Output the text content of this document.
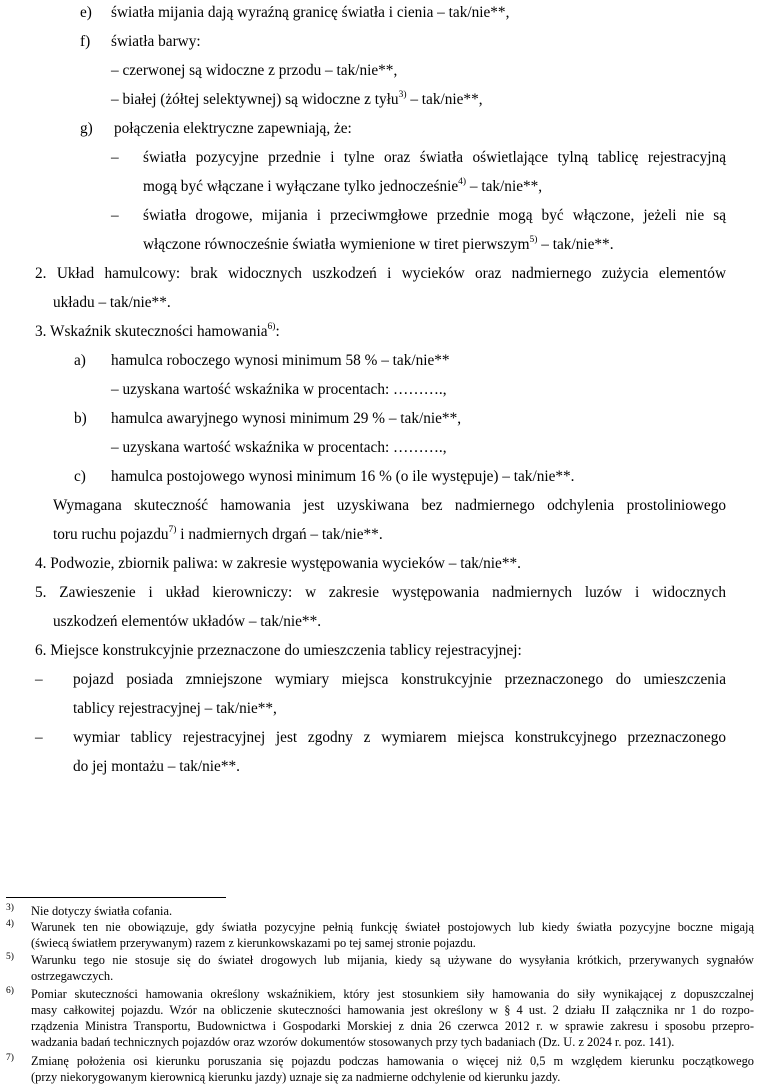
e) światła mijania dają wyraźną granicę światła i cienia – tak/nie**,
f) światła barwy:
– czerwonej są widoczne z przodu – tak/nie**,
– białej (żółtej selektywnej) są widoczne z tyłu$^{3)}$ – tak/nie**,
g) połączenia elektryczne zapewniają, że:
– światła pozycyjne przednie i tylne oraz światła oświetlające tylną tablicę rejestracyjną
mogą być włączane i wyłączane tylko jednocześnie$^{4)}$ – tak/nie**,
– światła drogowe, mijania i przeciwmgłowe przednie mogą być włączone, jeżeli nie są
włączone równocześnie światła wymienione w tiret pierwszym$^{5)}$ – tak/nie**.
2. Układ hamulcowy: brak widocznych uszkodzeń i wycieków oraz nadmiernego zużycia elementów
układu – tak/nie**.
3. Wskaźnik skuteczności hamowania$^{6)}$:
a) hamulca roboczego wynosi minimum 58 % – tak/nie**
– uzyskana wartość wskaźnika w procentach: ……….,
b) hamulca awaryjnego wynosi minimum 29 % – tak/nie**,
– uzyskana wartość wskaźnika w procentach: ……….,
c) hamulca postojowego wynosi minimum 16 % (o ile występuje) – tak/nie**.
Wymagana skuteczność hamowania jest uzyskiwana bez nadmiernego odchylenia prostoliniowego
toru ruchu pojazdu$^{7)}$ i nadmiernych drgań – tak/nie**.
4. Podwozie, zbiornik paliwa: w zakresie występowania wycieków – tak/nie**.
5. Zawieszenie i układ kierowniczy: w zakresie występowania nadmiernych luzów i widocznych
uszkodzeń elementów układów – tak/nie**.
6. Miejsce konstrukcyjnie przeznaczone do umieszczenia tablicy rejestracyjnej:
– pojazd posiada zmniejszone wymiary miejsca konstrukcyjnie przeznaczonego do umieszczenia
tablicy rejestracyjnej – tak/nie**,
– wymiar tablicy rejestracyjnej jest zgodny z wymiarem miejsca konstrukcyjnego przeznaczonego
do jej montażu – tak/nie**.
3) Nie dotyczy światła cofania.
4) Warunek ten nie obowiązuje, gdy światła pozycyjne pełnią funkcję świateł postojowych lub kiedy światła pozycyjne boczne migają
(świecą światłem przerywanym) razem z kierunkowskazami po tej samej stronie pojazdu.
5) Warunku tego nie stosuje się do świateł drogowych lub mijania, kiedy są używane do wysyłania krótkich, przerywanych sygnałów
ostrzegawczych.
6) Pomiar skuteczności hamowania określony wskaźnikiem, który jest stosunkiem siły hamowania do siły wynikającej z dopuszczalnej
masy całkowitej pojazdu. Wzór na obliczenie skuteczności hamowania jest określony w § 4 ust. 2 działu II załącznika nr 1 do rozpo-
rządzenia Ministra Transportu, Budownictwa i Gospodarki Morskiej z dnia 26 czerwca 2012 r. w sprawie zakresu i sposobu przepro-
wadzania badań technicznych pojazdów oraz wzorów dokumentów stosowanych przy tych badaniach (Dz. U. z 2024 r. poz. 141).
7) Zmianę położenia osi kierunku poruszania się pojazdu podczas hamowania o więcej niż 0,5 m względem kierunku początkowego
(przy niekorygowanym kierownicą kierunku jazdy) uznaje się za nadmierne odchylenie od kierunku jazdy.
